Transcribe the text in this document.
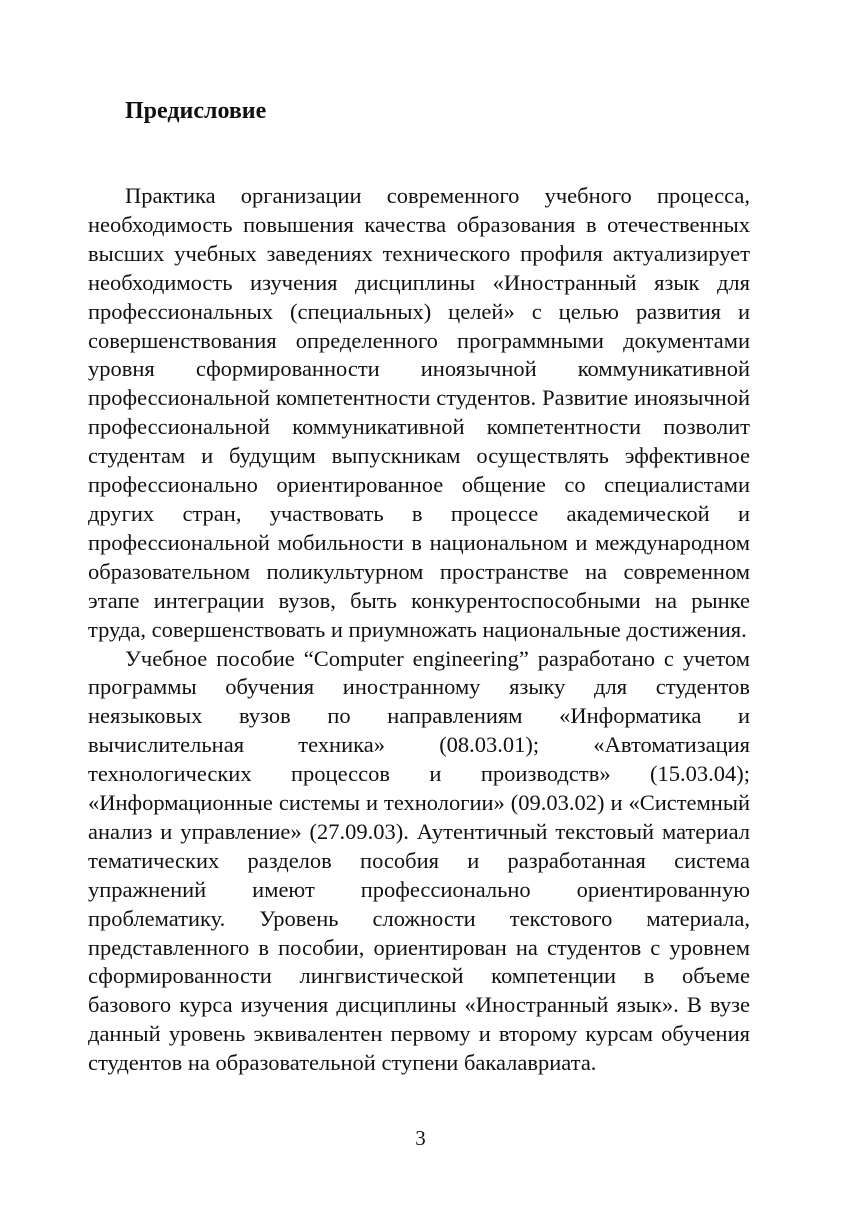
Предисловие

Практика организации современного учебного процесса, необходимость повышения качества образования в отечественных высших учебных заведениях технического профиля актуализирует необходимость изучения дисциплины «Иностранный язык для профессиональных (специальных) целей» с целью развития и совершенствования определенного программными документами уровня сформированности иноязычной коммуникативной профессиональной компетентности студентов. Развитие иноязычной профессиональной коммуникативной компетентности позволит студентам и будущим выпускникам осуществлять эффективное профессионально ориентированное общение со специалистами других стран, участвовать в процессе академической и профессиональной мобильности в национальном и международном образовательном поликультурном пространстве на современном этапе интеграции вузов, быть конкурентоспособными на рынке труда, совершенствовать и приумножать национальные достижения.

Учебное пособие “Computer engineering” разработано с учетом программы обучения иностранному языку для студентов неязыковых вузов по направлениям «Информатика и вычислительная техника» (08.03.01); «Автоматизация технологических процессов и производств» (15.03.04); «Информационные системы и технологии» (09.03.02) и «Системный анализ и управление» (27.09.03). Аутентичный текстовый материал тематических разделов пособия и разработанная система упражнений имеют профессионально ориентированную проблематику. Уровень сложности текстового материала, представленного в пособии, ориентирован на студентов с уровнем сформированности лингвистической компетенции в объеме базового курса изучения дисциплины «Иностранный язык». В вузе данный уровень эквивалентен первому и второму курсам обучения студентов на образовательной ступени бакалавриата.

3
